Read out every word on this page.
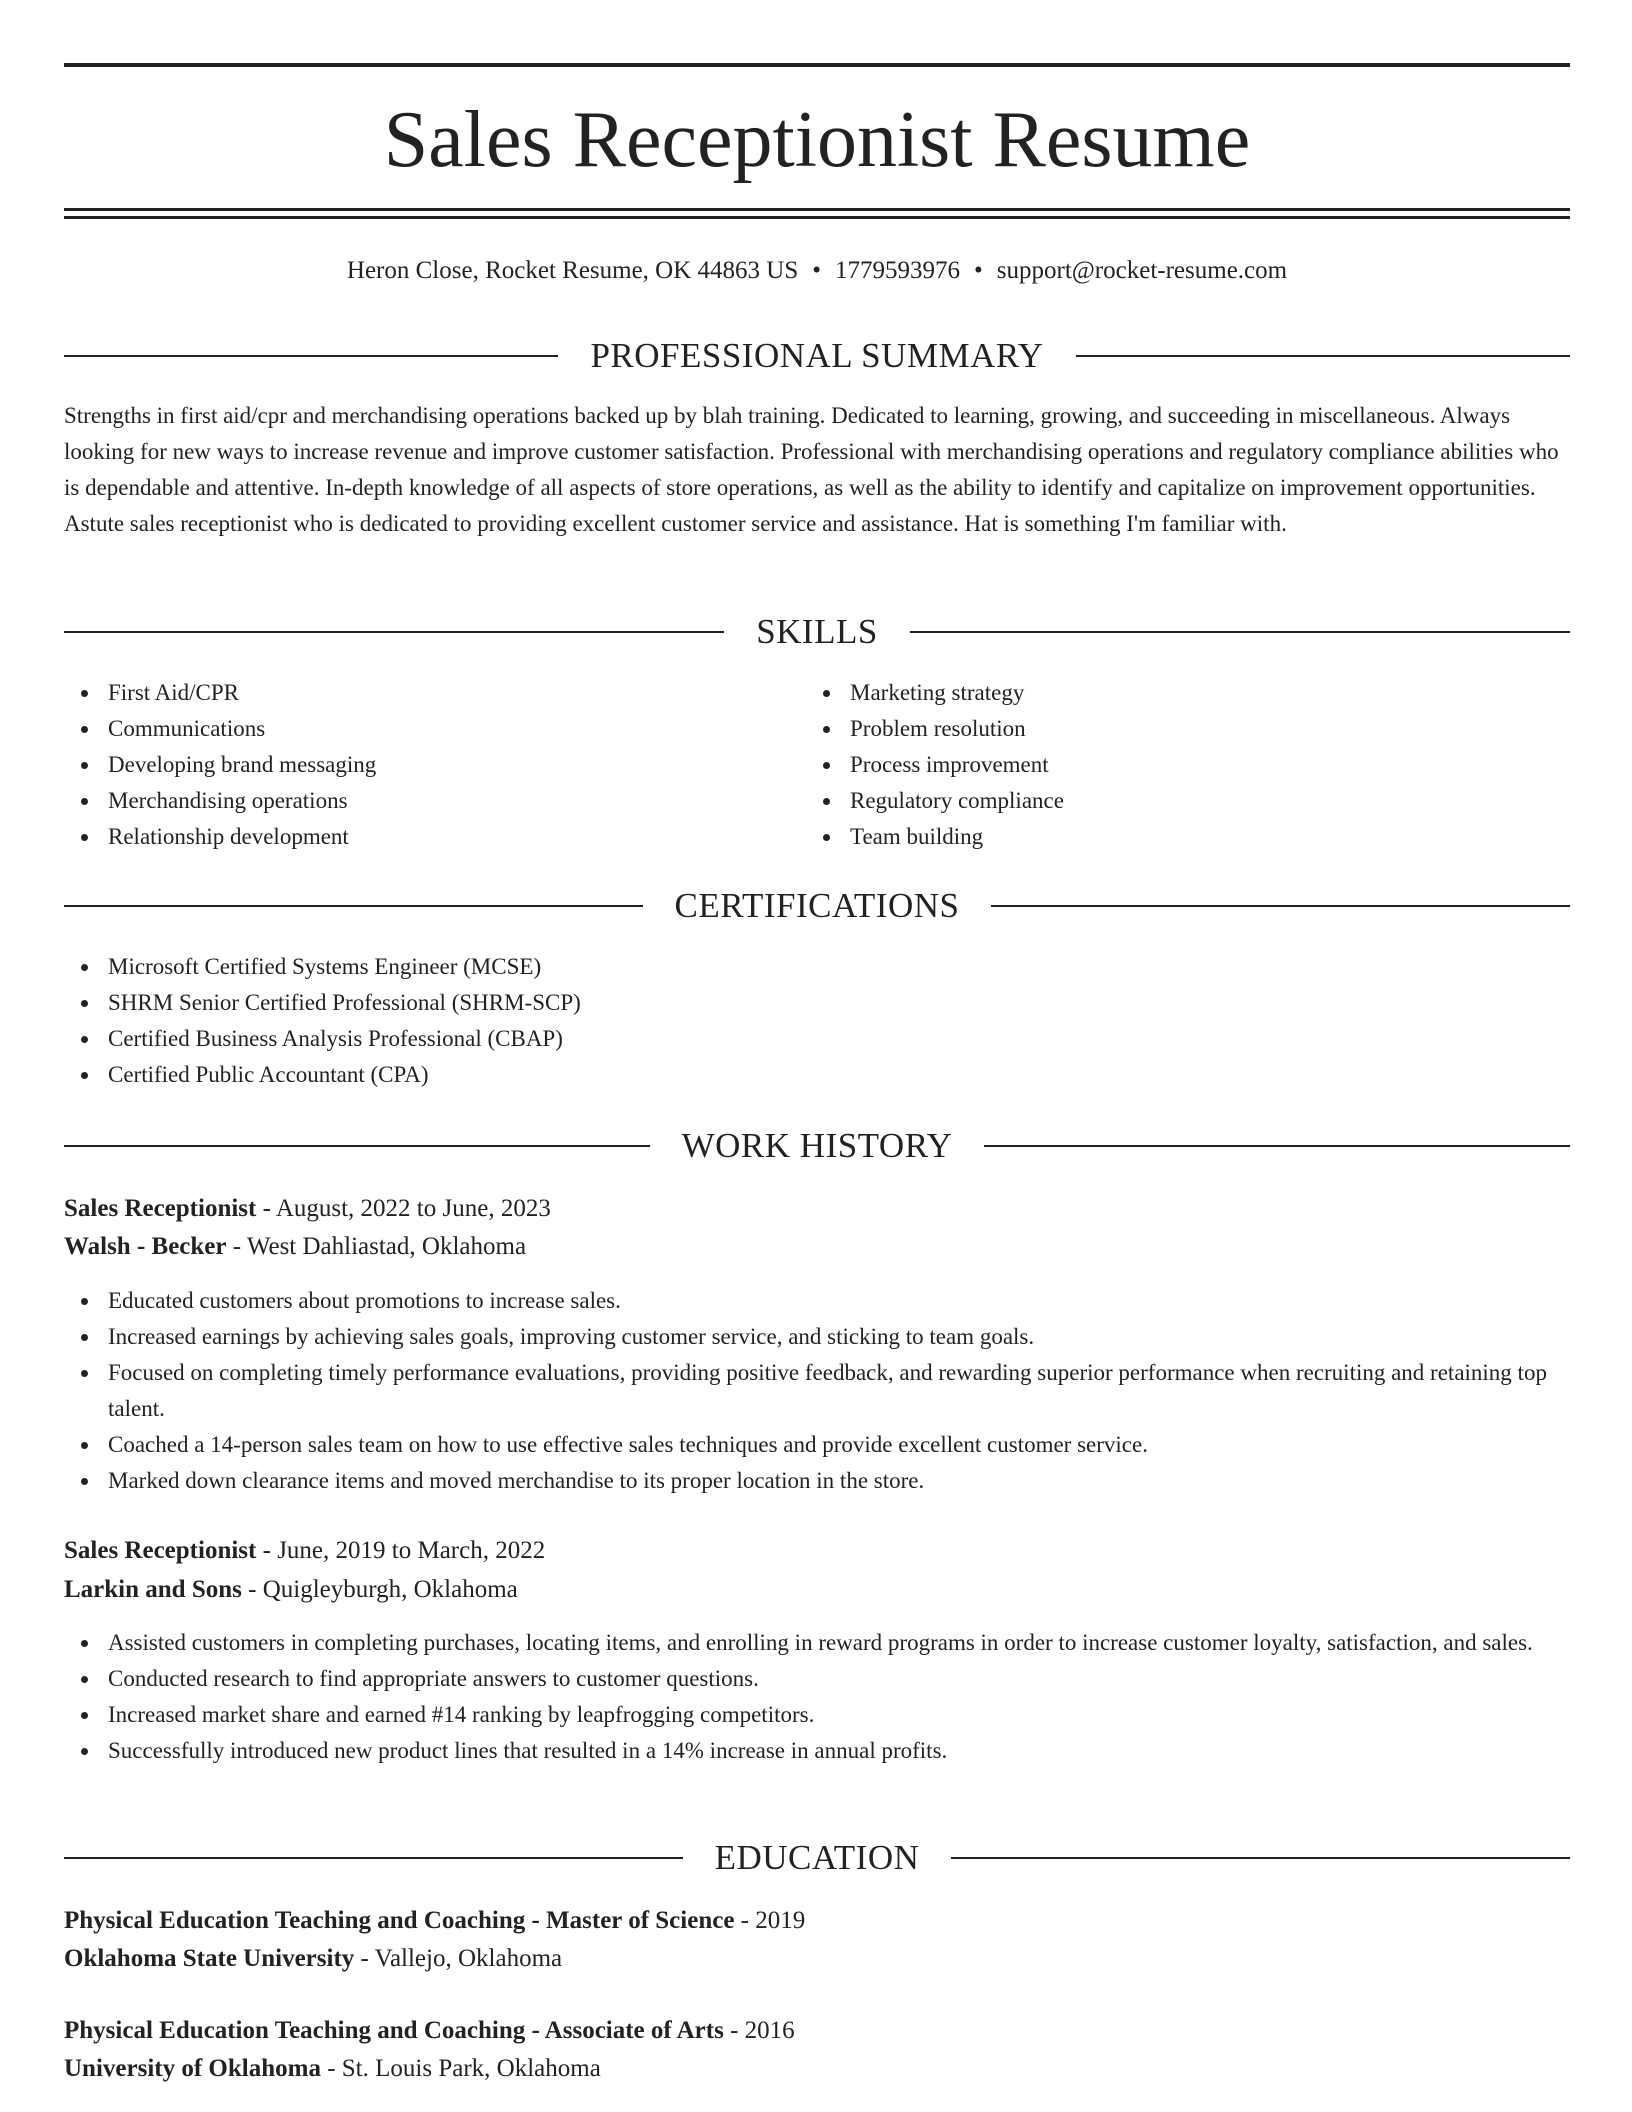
Sales Receptionist Resume
Heron Close, Rocket Resume, OK 44863 US • 1779593976 • support@rocket-resume.com
PROFESSIONAL SUMMARY

Strengths in first aid/cpr and merchandising operations backed up by blah training. Dedicated to learning, growing, and succeeding in miscellaneous. Always looking for new ways to increase revenue and improve customer satisfaction. Professional with merchandising operations and regulatory compliance abilities who is dependable and attentive. In-depth knowledge of all aspects of store operations, as well as the ability to identify and capitalize on improvement opportunities. Astute sales receptionist who is dedicated to providing excellent customer service and assistance. Hat is something I'm familiar with.

SKILLS
First Aid/CPR
Communications
Developing brand messaging
Merchandising operations
Relationship development
Marketing strategy
Problem resolution
Process improvement
Regulatory compliance
Team building
CERTIFICATIONS
Microsoft Certified Systems Engineer (MCSE)
SHRM Senior Certified Professional (SHRM-SCP)
Certified Business Analysis Professional (CBAP)
Certified Public Accountant (CPA)
WORK HISTORY
Sales Receptionist - August, 2022 to June, 2023
Walsh - Becker - West Dahliastad, Oklahoma
Educated customers about promotions to increase sales.
Increased earnings by achieving sales goals, improving customer service, and sticking to team goals.
Focused on completing timely performance evaluations, providing positive feedback, and rewarding superior performance when recruiting and retaining top talent.
Coached a 14-person sales team on how to use effective sales techniques and provide excellent customer service.
Marked down clearance items and moved merchandise to its proper location in the store.
Sales Receptionist - June, 2019 to March, 2022
Larkin and Sons - Quigleyburgh, Oklahoma
Assisted customers in completing purchases, locating items, and enrolling in reward programs in order to increase customer loyalty, satisfaction, and sales.
Conducted research to find appropriate answers to customer questions.
Increased market share and earned #14 ranking by leapfrogging competitors.
Successfully introduced new product lines that resulted in a 14% increase in annual profits.
EDUCATION
Physical Education Teaching and Coaching - Master of Science - 2019
Oklahoma State University - Vallejo, Oklahoma
Physical Education Teaching and Coaching - Associate of Arts - 2016
University of Oklahoma - St. Louis Park, Oklahoma
